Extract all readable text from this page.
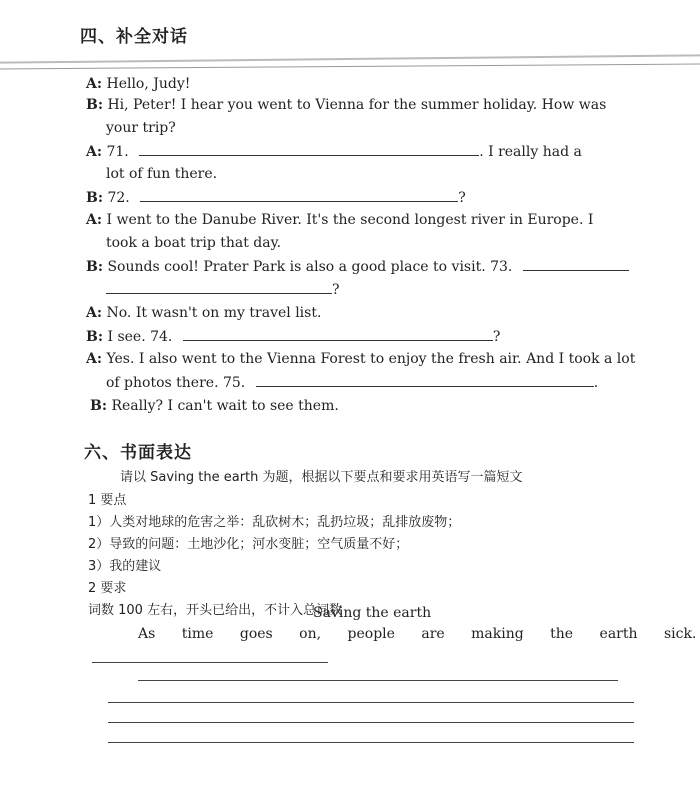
四、补全对话
A: Hello, Judy!
B: Hi, Peter! I hear you went to Vienna for the summer holiday. How was
your trip?
A: 71.	. I really had a
lot of fun there.
B: 72.	?
A: I went to the Danube River. It's the second longest river in Europe. I
took a boat trip that day.
B: Sounds cool! Prater Park is also a good place to visit. 73.
?
A: No. It wasn't on my travel list.
B: I see. 74.	?
A: Yes. I also went to the Vienna Forest to enjoy the fresh air. And I took a lot
of photos there. 75.	.
B: Really? I can't wait to see them.
六、书面表达
请以 Saving the earth 为题，根据以下要点和要求用英语写一篇短文
1 要点
1）人类对地球的危害之举：乱砍树木；乱扔垃圾；乱排放废物；
2）导致的问题：土地沙化；河水变脏；空气质量不好；
3）我的建议
2 要求
词数 100 左右，开头已给出，不计入总词数
Saving the earth
As time goes on, people are making the earth sick.
